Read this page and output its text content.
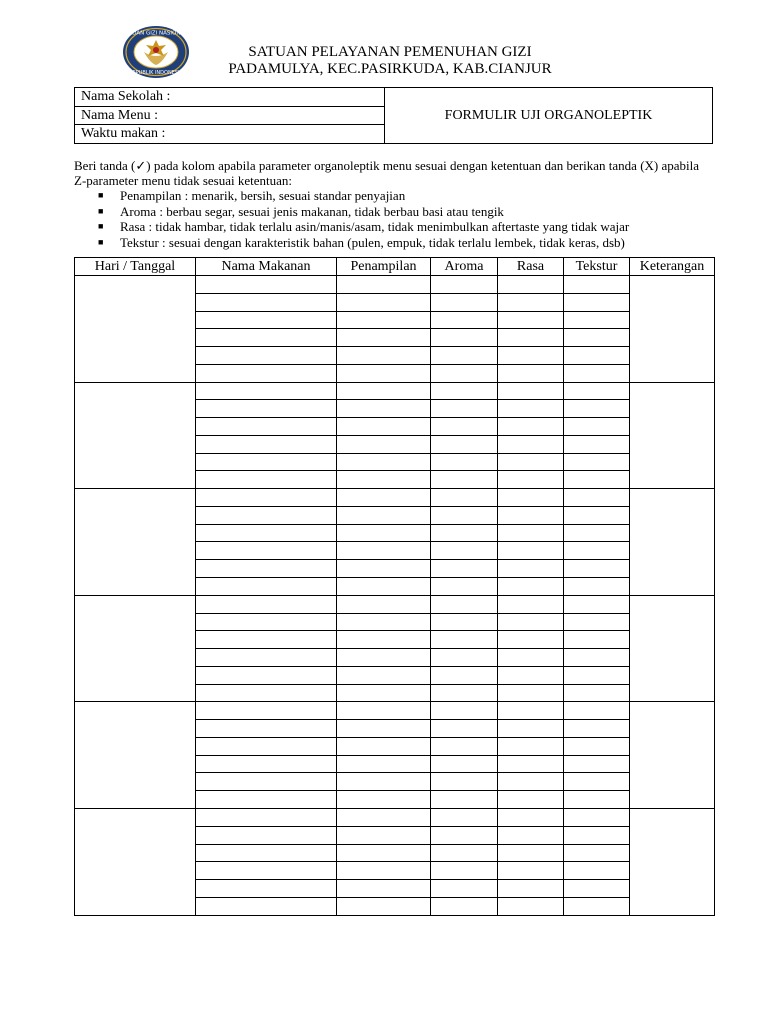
BADAN GIZI NASIONAL
REPUBLIK INDONESIA
SATUAN PELAYANAN PEMENUHAN GIZI
PADAMULYA, KEC.PASIRKUDA, KAB.CIANJUR
Nama Sekolah :
Nama Menu :
Waktu makan :
FORMULIR UJI ORGANOLEPTIK
Beri tanda (✓) pada kolom apabila parameter organoleptik menu sesuai dengan ketentuan dan berikan tanda (X) apabila Z-parameter menu tidak sesuai ketentuan:
■ Penampilan : menarik, bersih, sesuai standar penyajian
■ Aroma : berbau segar, sesuai jenis makanan, tidak berbau basi atau tengik
■ Rasa : tidak hambar, tidak terlalu asin/manis/asam, tidak menimbulkan aftertaste yang tidak wajar
■ Tekstur : sesuai dengan karakteristik bahan (pulen, empuk, tidak terlalu lembek, tidak keras, dsb)
Hari / Tanggal	Nama Makanan	Penampilan	Aroma	Rasa	Tekstur	Keterangan
